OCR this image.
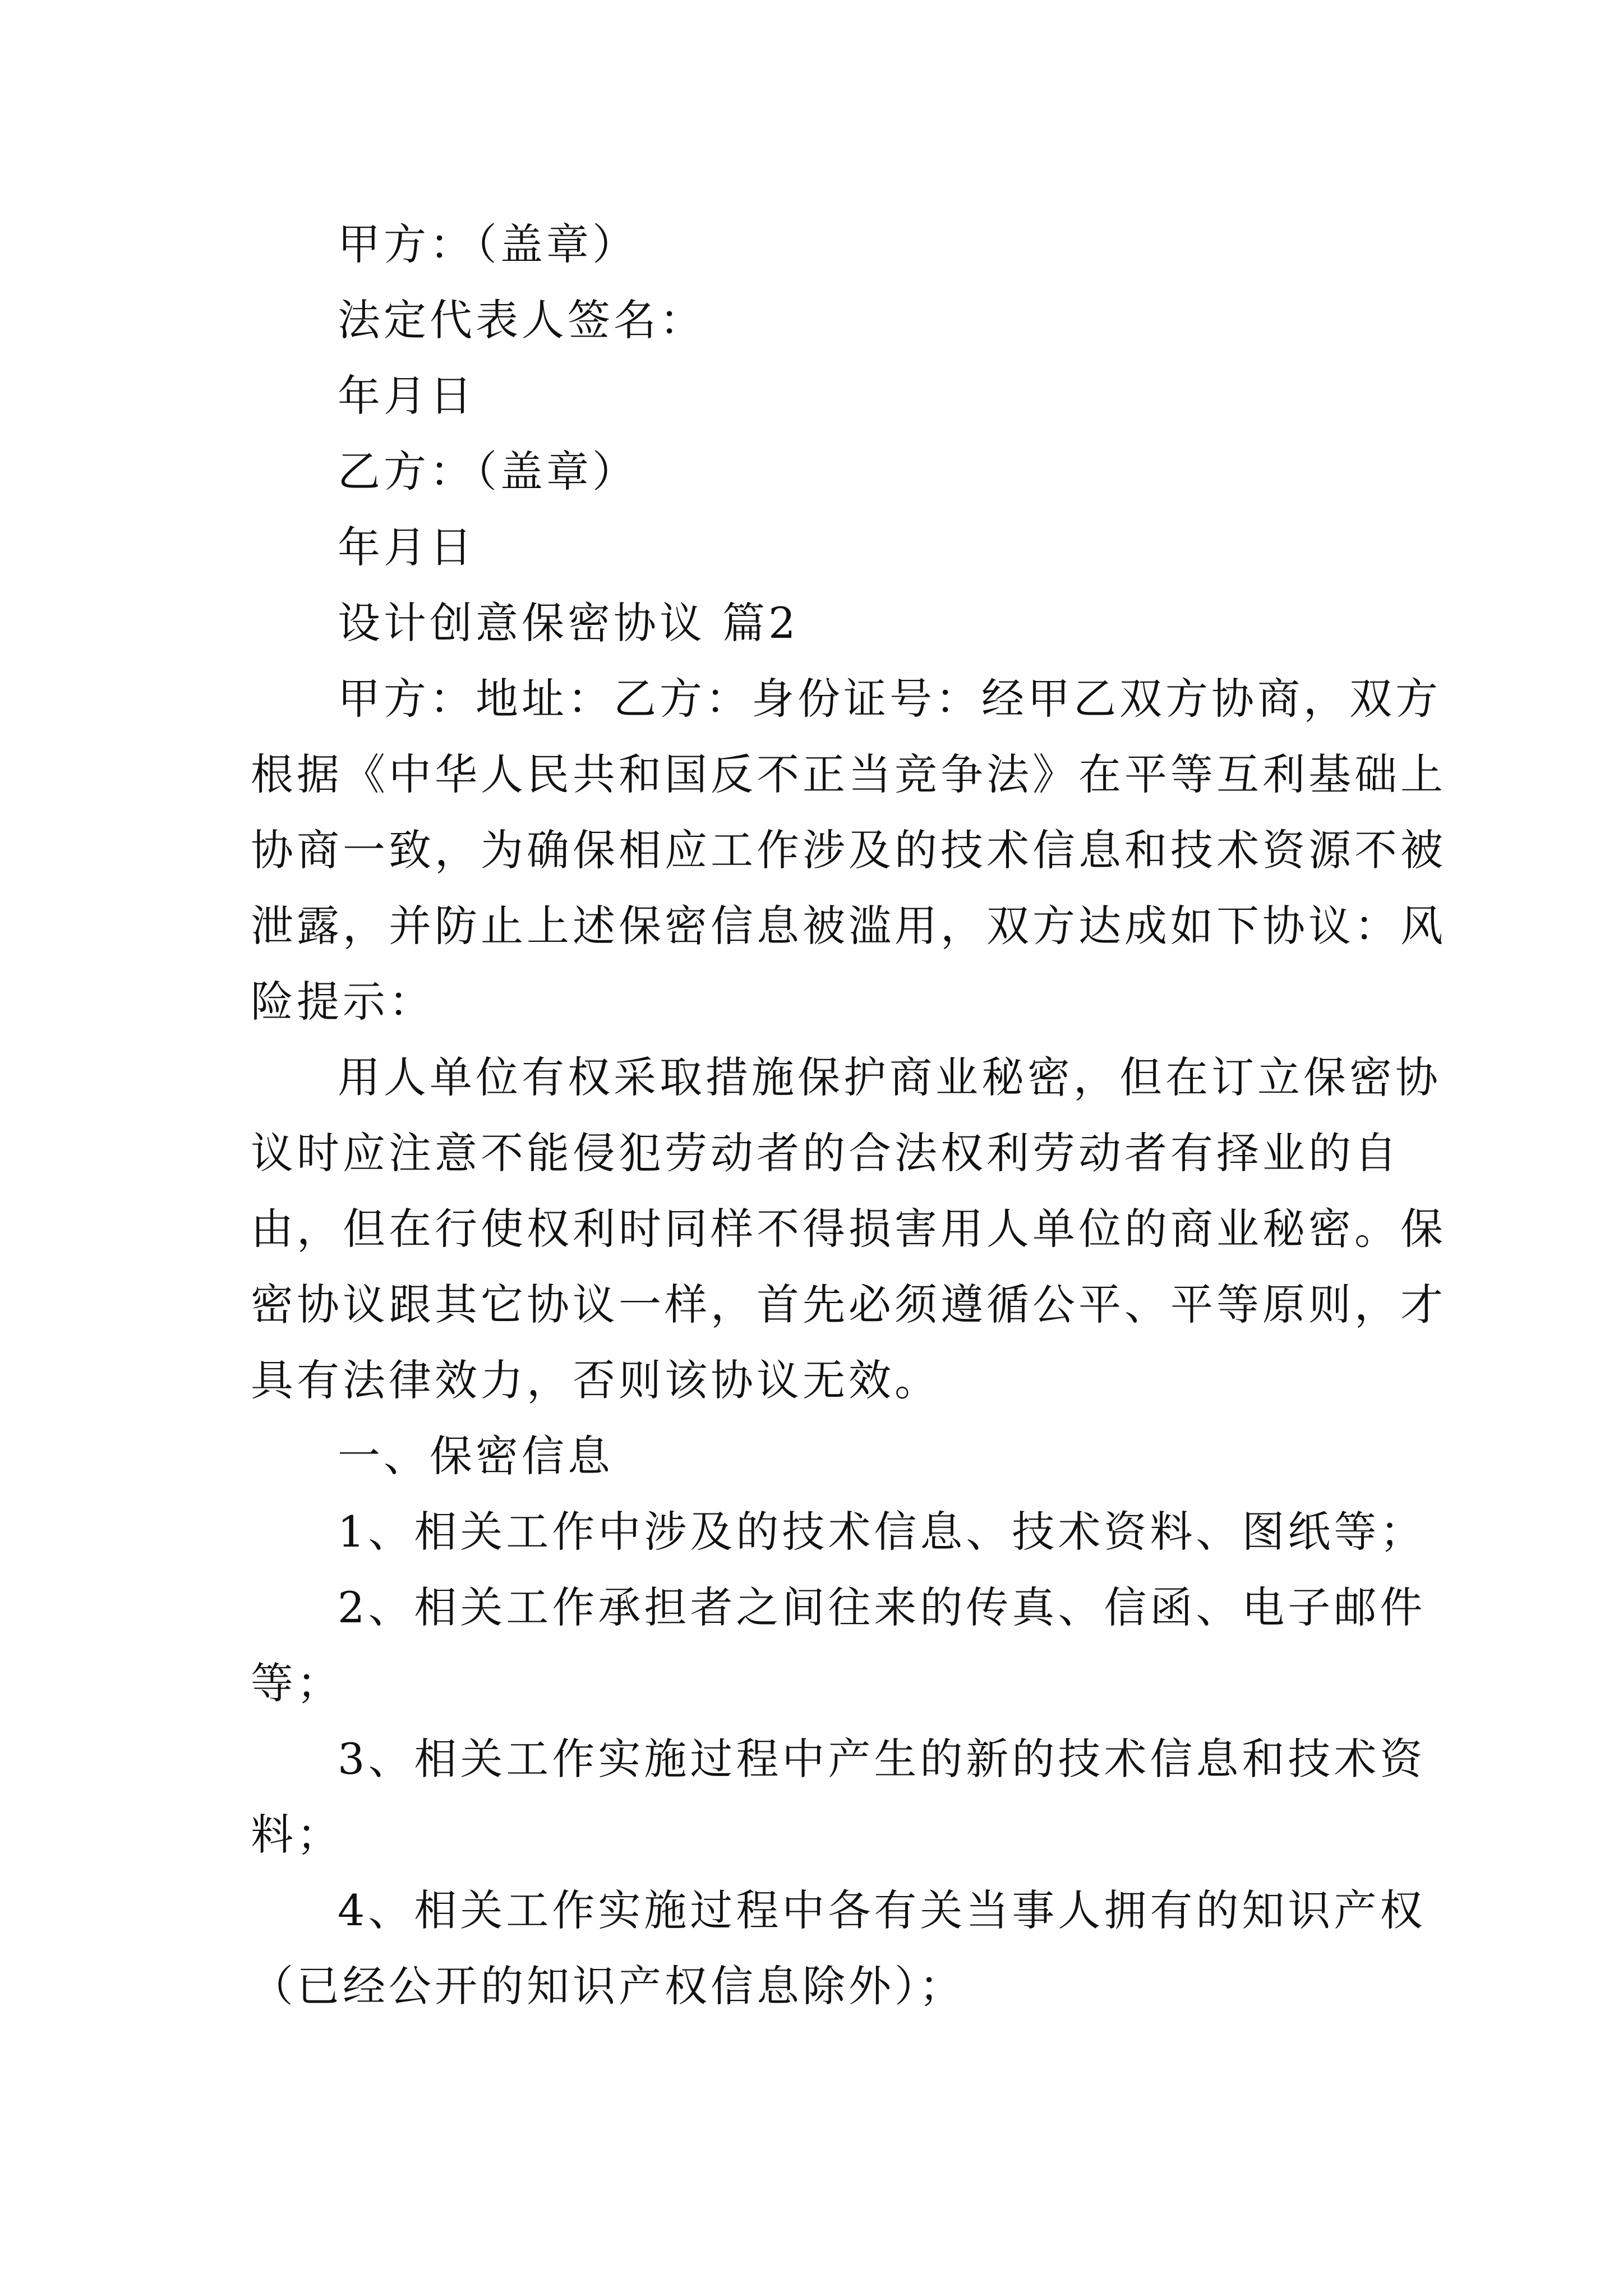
甲方：（盖章）
法定代表人签名：
年月日
乙方：（盖章）
年月日
设计创意保密协议 篇2
甲方：地址：乙方：身份证号：经甲乙双方协商，双方
根据《中华人民共和国反不正当竞争法》在平等互利基础上
协商一致，为确保相应工作涉及的技术信息和技术资源不被
泄露，并防止上述保密信息被滥用，双方达成如下协议：风
险提示：
用人单位有权采取措施保护商业秘密，但在订立保密协
议时应注意不能侵犯劳动者的合法权利劳动者有择业的自
由，但在行使权利时同样不得损害用人单位的商业秘密。保
密协议跟其它协议一样，首先必须遵循公平、平等原则，才
具有法律效力，否则该协议无效。
一、保密信息
1、相关工作中涉及的技术信息、技术资料、图纸等；
2、相关工作承担者之间往来的传真、信函、电子邮件
等；
3、相关工作实施过程中产生的新的技术信息和技术资
料；
4、相关工作实施过程中各有关当事人拥有的知识产权
（已经公开的知识产权信息除外）；
